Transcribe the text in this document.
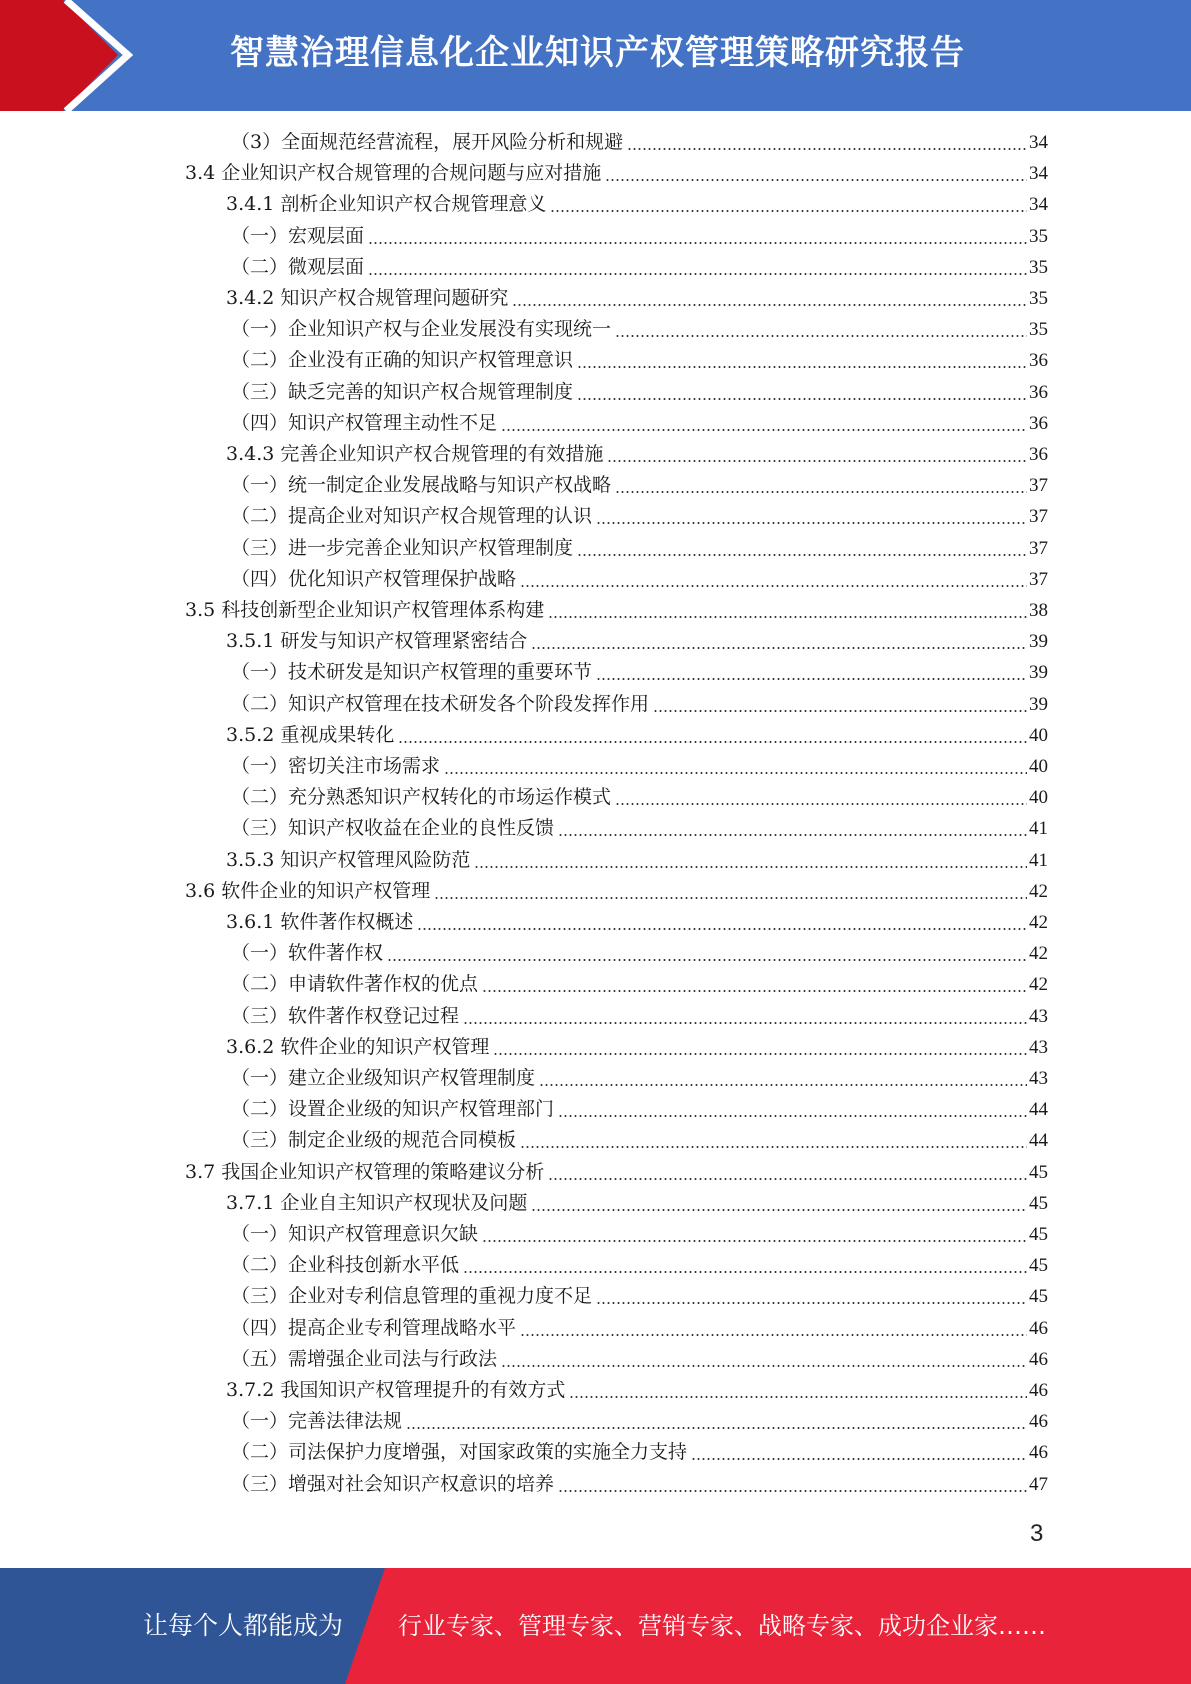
智慧治理信息化企业知识产权管理策略研究报告
（3）全面规范经营流程，展开风险分析和规避	34
3.4 企业知识产权合规管理的合规问题与应对措施	34
3.4.1 剖析企业知识产权合规管理意义	34
（一）宏观层面	35
（二）微观层面	35
3.4.2 知识产权合规管理问题研究	35
（一）企业知识产权与企业发展没有实现统一	35
（二）企业没有正确的知识产权管理意识	36
（三）缺乏完善的知识产权合规管理制度	36
（四）知识产权管理主动性不足	36
3.4.3 完善企业知识产权合规管理的有效措施	36
（一）统一制定企业发展战略与知识产权战略	37
（二）提高企业对知识产权合规管理的认识	37
（三）进一步完善企业知识产权管理制度	37
（四）优化知识产权管理保护战略	37
3.5 科技创新型企业知识产权管理体系构建	38
3.5.1 研发与知识产权管理紧密结合	39
（一）技术研发是知识产权管理的重要环节	39
（二）知识产权管理在技术研发各个阶段发挥作用	39
3.5.2 重视成果转化	40
（一）密切关注市场需求	40
（二）充分熟悉知识产权转化的市场运作模式	40
（三）知识产权收益在企业的良性反馈	41
3.5.3 知识产权管理风险防范	41
3.6 软件企业的知识产权管理	42
3.6.1 软件著作权概述	42
（一）软件著作权	42
（二）申请软件著作权的优点	42
（三）软件著作权登记过程	43
3.6.2 软件企业的知识产权管理	43
（一）建立企业级知识产权管理制度	43
（二）设置企业级的知识产权管理部门	44
（三）制定企业级的规范合同模板	44
3.7 我国企业知识产权管理的策略建议分析	45
3.7.1 企业自主知识产权现状及问题	45
（一）知识产权管理意识欠缺	45
（二）企业科技创新水平低	45
（三）企业对专利信息管理的重视力度不足	45
（四）提高企业专利管理战略水平	46
（五）需增强企业司法与行政法	46
3.7.2 我国知识产权管理提升的有效方式	46
（一）完善法律法规	46
（二）司法保护力度增强，对国家政策的实施全力支持	46
（三）增强对社会知识产权意识的培养	47
3
让每个人都能成为 行业专家、管理专家、营销专家、战略专家、成功企业家……
